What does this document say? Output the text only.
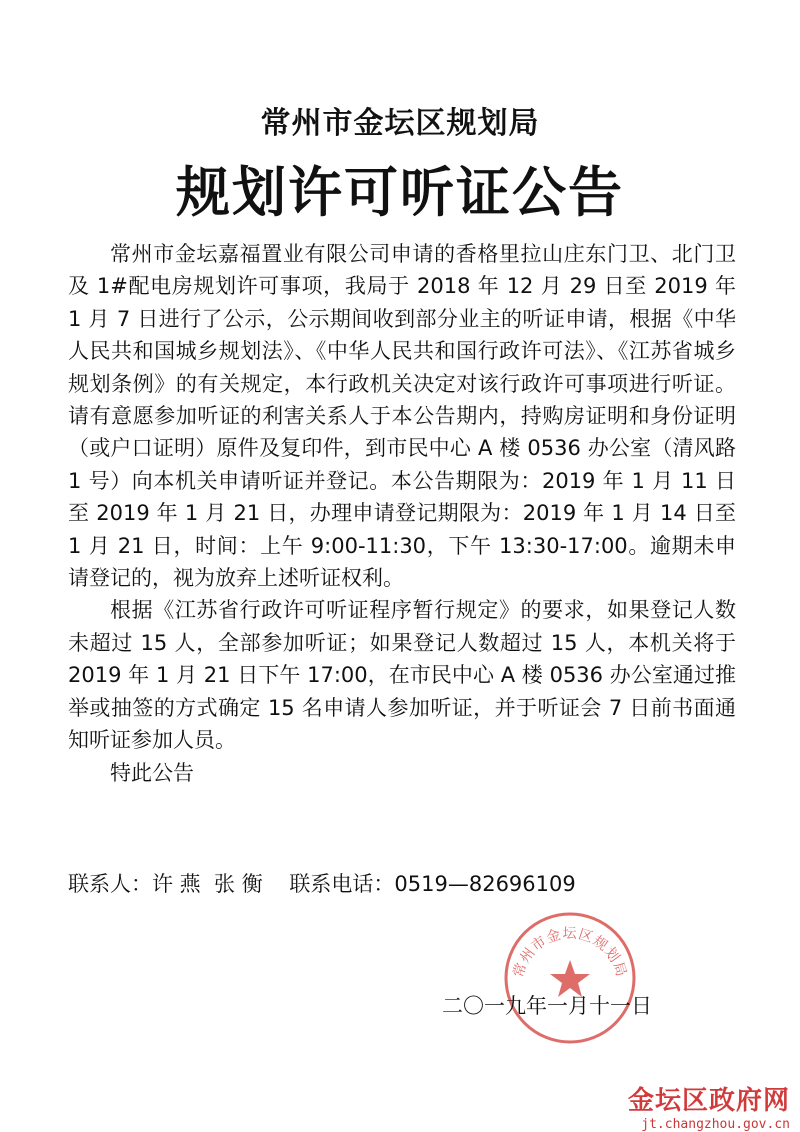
常州市金坛区规划局
规划许可听证公告

常州市金坛嘉福置业有限公司申请的香格里拉山庄东门卫、北门卫及 1#配电房规划许可事项，我局于 2018 年 12 月 29 日至 2019 年 1 月 7 日进行了公示，公示期间收到部分业主的听证申请，根据《中华人民共和国城乡规划法》、《中华人民共和国行政许可法》、《江苏省城乡规划条例》的有关规定，本行政机关决定对该行政许可事项进行听证。请有意愿参加听证的利害关系人于本公告期内，持购房证明和身份证明（或户口证明）原件及复印件，到市民中心 A 楼 0536 办公室（清风路 1 号）向本机关申请听证并登记。本公告期限为：2019 年 1 月 11 日至 2019 年 1 月 21 日，办理申请登记期限为：2019 年 1 月 14 日至 1 月 21 日，时间：上午 9:00-11:30，下午 13:30-17:00。逾期未申请登记的，视为放弃上述听证权利。

根据《江苏省行政许可听证程序暂行规定》的要求，如果登记人数未超过 15 人，全部参加听证；如果登记人数超过 15 人，本机关将于 2019 年 1 月 21 日下午 17:00，在市民中心 A 楼 0536 办公室通过推举或抽签的方式确定 15 名申请人参加听证，并于听证会 7 日前书面通知听证参加人员。

特此公告

联系人：许 燕  张 衡 联系电话：0519—82696109
常州市金坛区规划局
二〇一九年一月十一日
金坛区政府网
jt.changzhou.gov.cn
